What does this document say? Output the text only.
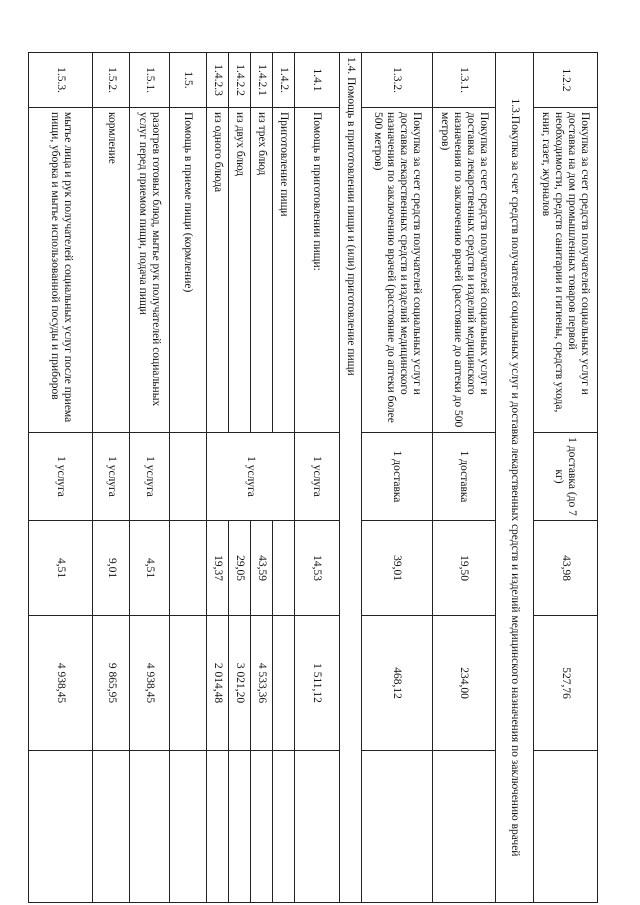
1.2.2	Покупка за счет средств получателей социальных услуг и доставка на дом промышленных товаров первой необходимости, средств санитарии и гигиены, средств ухода, книг, газет, журналов	1 доставка (до 7 кг)	43,98	527,76	
1.3.Покупка за счет средств получателей социальных услуг и доставка лекарственных средств и изделий медицинского назначения по заключению врачей					
1.3.1.	Покупка за счет средств получателей социальных услуг и доставка лекарственных средств и изделий медицинского назначения по заключению врачей (расстояние до аптеки до 500 метров)	1 доставка	19,50	234,00	
1.3.2.	Покупка за счет средств получателей социальных услуг и доставка лекарственных средств и изделий медицинского назначения по заключению врачей (расстояние до аптеки более 500 метров)	1 доставка	39,01	468,12	
1.4. Помощь в приготовлении пищи и (или) приготовление пищи					
1.4.1	Помощь в приготовлении пищи:	1 услуга	14,53	1 511,12	
1.4.2.	Приготовление пищи	1 услуга			
1.4.2.1	из трех блюд		43,59	4 533,36	
1.4.2.2	из двух блюд		29,05	3 021,20	
1.4.2.3	из одного блюда		19,37	2 014,48	
1.5.	Помощь в приеме пищи (кормление)				
1.5.1.	разогрев готовых блюд, мытье рук получателей социальных услуг перед приемом пищи, подача пищи	1 услуга	4,51	4 938,45	
1.5.2.	кормление	1 услуга	9,01	9 865,95	
1.5.3.	мытье лица и рук получателей социальных услуг после приема пищи, уборка и мытье использованной посуды и приборов	1 услуга	4,51	4 938,45	
